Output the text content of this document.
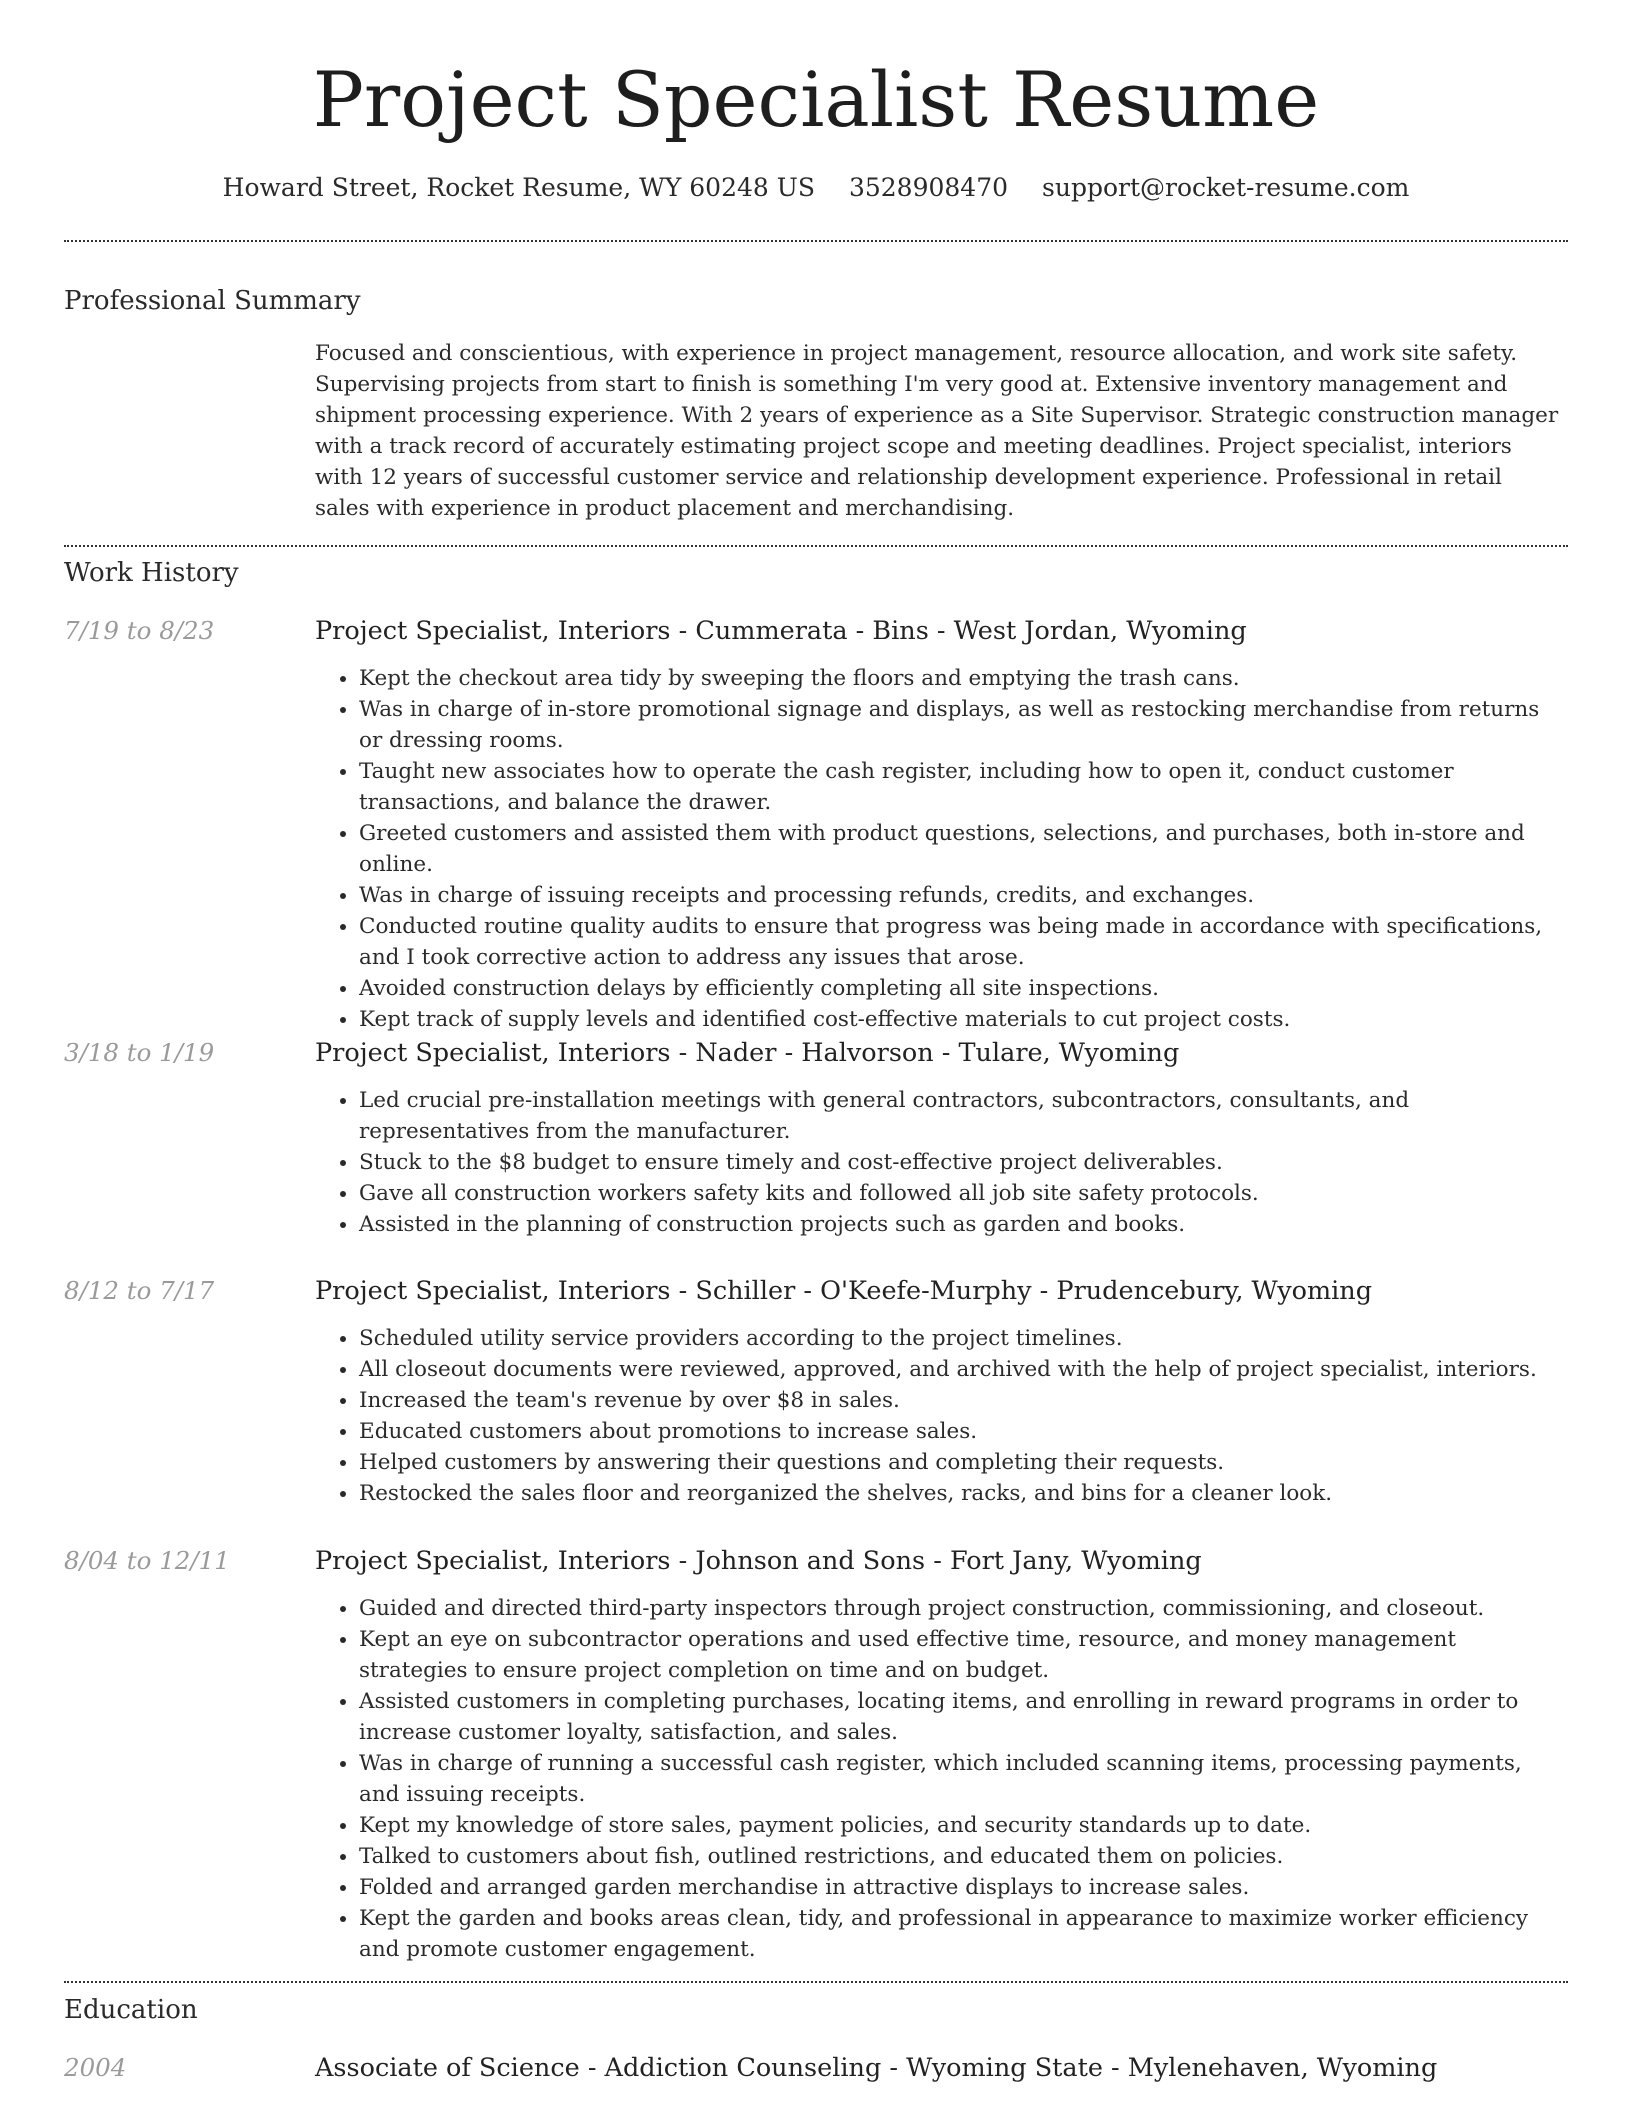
Project Specialist Resume
Howard Street, Rocket Resume, WY 60248 US 3528908470 support@rocket-resume.com
Professional Summary

Focused and conscientious, with experience in project management, resource allocation, and work site safety. Supervising projects from start to finish is something I'm very good at. Extensive inventory management and shipment processing experience. With 2 years of experience as a Site Supervisor. Strategic construction manager with a track record of accurately estimating project scope and meeting deadlines. Project specialist, interiors with 12 years of successful customer service and relationship development experience. Professional in retail sales with experience in product placement and merchandising.

Work History
7/19 to 8/23	Project Specialist, Interiors - Cummerata - Bins - West Jordan, Wyoming
• Kept the checkout area tidy by sweeping the floors and emptying the trash cans.
• Was in charge of in-store promotional signage and displays, as well as restocking merchandise from returns or dressing rooms.
• Taught new associates how to operate the cash register, including how to open it, conduct customer transactions, and balance the drawer.
• Greeted customers and assisted them with product questions, selections, and purchases, both in-store and online.
• Was in charge of issuing receipts and processing refunds, credits, and exchanges.
• Conducted routine quality audits to ensure that progress was being made in accordance with specifications, and I took corrective action to address any issues that arose.
• Avoided construction delays by efficiently completing all site inspections.
• Kept track of supply levels and identified cost-effective materials to cut project costs.
3/18 to 1/19	Project Specialist, Interiors - Nader - Halvorson - Tulare, Wyoming
• Led crucial pre-installation meetings with general contractors, subcontractors, consultants, and representatives from the manufacturer.
• Stuck to the $8 budget to ensure timely and cost-effective project deliverables.
• Gave all construction workers safety kits and followed all job site safety protocols.
• Assisted in the planning of construction projects such as garden and books.
8/12 to 7/17	Project Specialist, Interiors - Schiller - O'Keefe-Murphy - Prudencebury, Wyoming
• Scheduled utility service providers according to the project timelines.
• All closeout documents were reviewed, approved, and archived with the help of project specialist, interiors.
• Increased the team's revenue by over $8 in sales.
• Educated customers about promotions to increase sales.
• Helped customers by answering their questions and completing their requests.
• Restocked the sales floor and reorganized the shelves, racks, and bins for a cleaner look.
8/04 to 12/11	Project Specialist, Interiors - Johnson and Sons - Fort Jany, Wyoming
• Guided and directed third-party inspectors through project construction, commissioning, and closeout.
• Kept an eye on subcontractor operations and used effective time, resource, and money management strategies to ensure project completion on time and on budget.
• Assisted customers in completing purchases, locating items, and enrolling in reward programs in order to increase customer loyalty, satisfaction, and sales.
• Was in charge of running a successful cash register, which included scanning items, processing payments, and issuing receipts.
• Kept my knowledge of store sales, payment policies, and security standards up to date.
• Talked to customers about fish, outlined restrictions, and educated them on policies.
• Folded and arranged garden merchandise in attractive displays to increase sales.
• Kept the garden and books areas clean, tidy, and professional in appearance to maximize worker efficiency and promote customer engagement.
Education
2004	Associate of Science - Addiction Counseling - Wyoming State - Mylenehaven, Wyoming
